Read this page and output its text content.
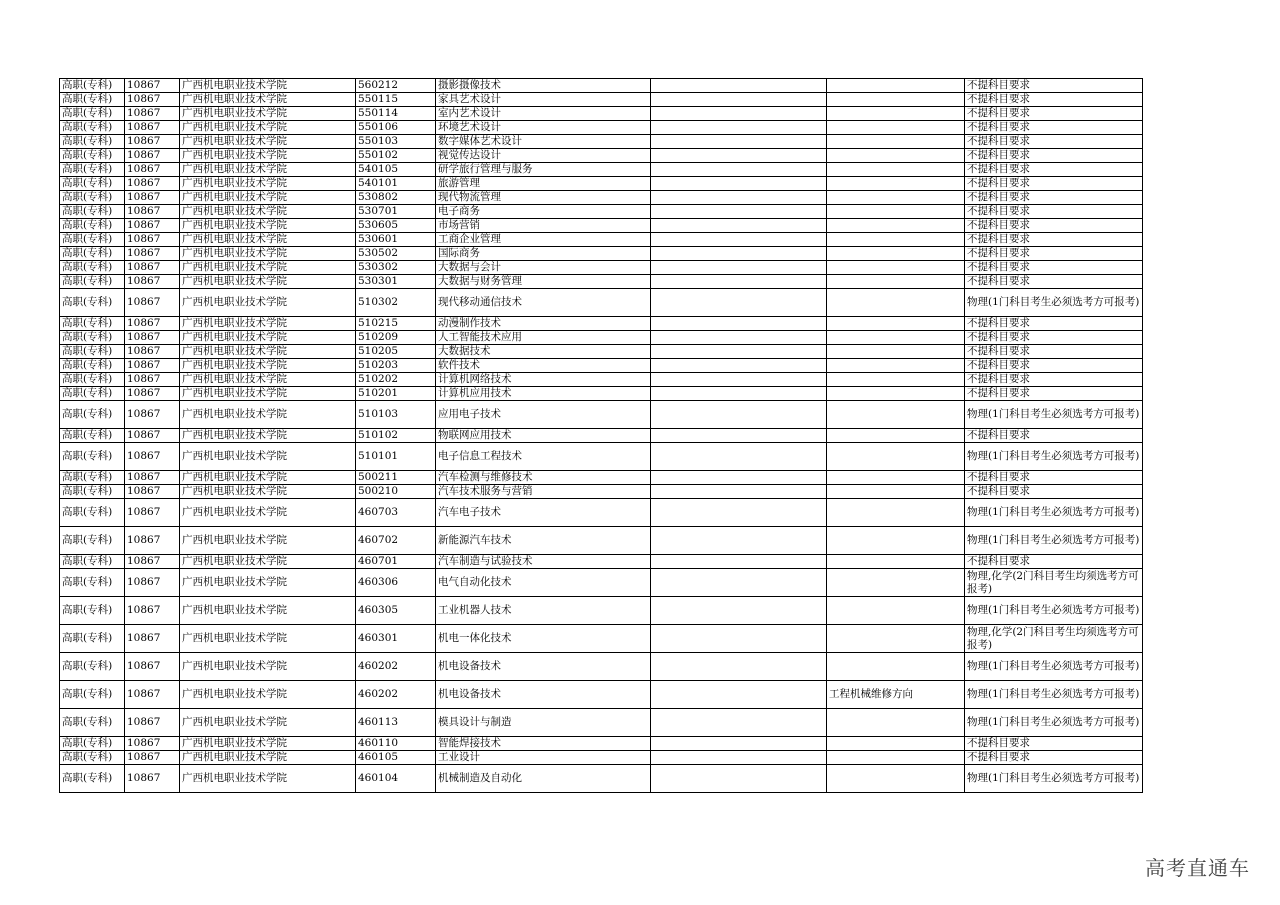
高职(专科)	10867	广西机电职业技术学院	560212	摄影摄像技术			不提科目要求
高职(专科)	10867	广西机电职业技术学院	550115	家具艺术设计			不提科目要求
高职(专科)	10867	广西机电职业技术学院	550114	室内艺术设计			不提科目要求
高职(专科)	10867	广西机电职业技术学院	550106	环境艺术设计			不提科目要求
高职(专科)	10867	广西机电职业技术学院	550103	数字媒体艺术设计			不提科目要求
高职(专科)	10867	广西机电职业技术学院	550102	视觉传达设计			不提科目要求
高职(专科)	10867	广西机电职业技术学院	540105	研学旅行管理与服务			不提科目要求
高职(专科)	10867	广西机电职业技术学院	540101	旅游管理			不提科目要求
高职(专科)	10867	广西机电职业技术学院	530802	现代物流管理			不提科目要求
高职(专科)	10867	广西机电职业技术学院	530701	电子商务			不提科目要求
高职(专科)	10867	广西机电职业技术学院	530605	市场营销			不提科目要求
高职(专科)	10867	广西机电职业技术学院	530601	工商企业管理			不提科目要求
高职(专科)	10867	广西机电职业技术学院	530502	国际商务			不提科目要求
高职(专科)	10867	广西机电职业技术学院	530302	大数据与会计			不提科目要求
高职(专科)	10867	广西机电职业技术学院	530301	大数据与财务管理			不提科目要求
高职(专科)	10867	广西机电职业技术学院	510302	现代移动通信技术			物理(1门科目考生必须选考方可报考)
高职(专科)	10867	广西机电职业技术学院	510215	动漫制作技术			不提科目要求
高职(专科)	10867	广西机电职业技术学院	510209	人工智能技术应用			不提科目要求
高职(专科)	10867	广西机电职业技术学院	510205	大数据技术			不提科目要求
高职(专科)	10867	广西机电职业技术学院	510203	软件技术			不提科目要求
高职(专科)	10867	广西机电职业技术学院	510202	计算机网络技术			不提科目要求
高职(专科)	10867	广西机电职业技术学院	510201	计算机应用技术			不提科目要求
高职(专科)	10867	广西机电职业技术学院	510103	应用电子技术			物理(1门科目考生必须选考方可报考)
高职(专科)	10867	广西机电职业技术学院	510102	物联网应用技术			不提科目要求
高职(专科)	10867	广西机电职业技术学院	510101	电子信息工程技术			物理(1门科目考生必须选考方可报考)
高职(专科)	10867	广西机电职业技术学院	500211	汽车检测与维修技术			不提科目要求
高职(专科)	10867	广西机电职业技术学院	500210	汽车技术服务与营销			不提科目要求
高职(专科)	10867	广西机电职业技术学院	460703	汽车电子技术			物理(1门科目考生必须选考方可报考)
高职(专科)	10867	广西机电职业技术学院	460702	新能源汽车技术			物理(1门科目考生必须选考方可报考)
高职(专科)	10867	广西机电职业技术学院	460701	汽车制造与试验技术			不提科目要求
高职(专科)	10867	广西机电职业技术学院	460306	电气自动化技术			物理,化学(2门科目考生均须选考方可报考)
高职(专科)	10867	广西机电职业技术学院	460305	工业机器人技术			物理(1门科目考生必须选考方可报考)
高职(专科)	10867	广西机电职业技术学院	460301	机电一体化技术			物理,化学(2门科目考生均须选考方可报考)
高职(专科)	10867	广西机电职业技术学院	460202	机电设备技术			物理(1门科目考生必须选考方可报考)
高职(专科)	10867	广西机电职业技术学院	460202	机电设备技术		工程机械维修方向	物理(1门科目考生必须选考方可报考)
高职(专科)	10867	广西机电职业技术学院	460113	模具设计与制造			物理(1门科目考生必须选考方可报考)
高职(专科)	10867	广西机电职业技术学院	460110	智能焊接技术			不提科目要求
高职(专科)	10867	广西机电职业技术学院	460105	工业设计			不提科目要求
高职(专科)	10867	广西机电职业技术学院	460104	机械制造及自动化			物理(1门科目考生必须选考方可报考)
高考直通车
